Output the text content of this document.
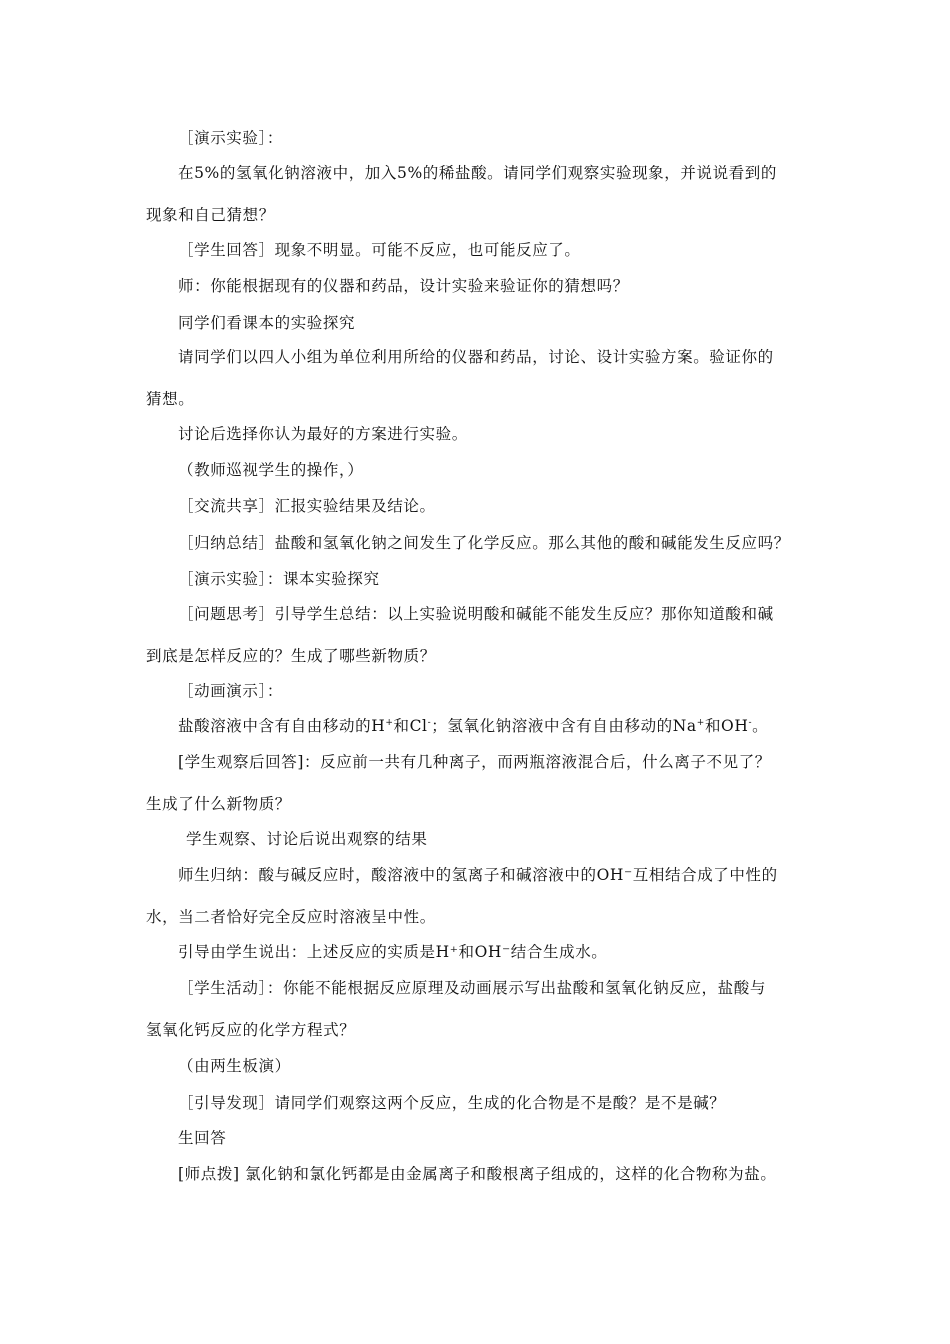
［演示实验］：
在5%的氢氧化钠溶液中，加入5%的稀盐酸。请同学们观察实验现象，并说说看到的
现象和自己猜想？
［学生回答］现象不明显。可能不反应，也可能反应了。
师：你能根据现有的仪器和药品，设计实验来验证你的猜想吗？
同学们看课本的实验探究
请同学们以四人小组为单位利用所给的仪器和药品，讨论、设计实验方案。验证你的
猜想。
讨论后选择你认为最好的方案进行实验。
（教师巡视学生的操作，）
［交流共享］汇报实验结果及结论。
［归纳总结］盐酸和氢氧化钠之间发生了化学反应。那么其他的酸和碱能发生反应吗？
［演示实验］：课本实验探究
［问题思考］引导学生总结：以上实验说明酸和碱能不能发生反应？那你知道酸和碱
到底是怎样反应的？生成了哪些新物质？
［动画演示］：
盐酸溶液中含有自由移动的H+和Cl-；氢氧化钠溶液中含有自由移动的Na+和OH-。
[学生观察后回答]：反应前一共有几种离子，而两瓶溶液混合后，什么离子不见了？
生成了什么新物质？
学生观察、讨论后说出观察的结果
师生归纳：酸与碱反应时，酸溶液中的氢离子和碱溶液中的OH⁻互相结合成了中性的
水，当二者恰好完全反应时溶液呈中性。
引导由学生说出：上述反应的实质是H⁺和OH⁻结合生成水。
［学生活动］：你能不能根据反应原理及动画展示写出盐酸和氢氧化钠反应，盐酸与
氢氧化钙反应的化学方程式？
（由两生板演）
［引导发现］请同学们观察这两个反应，生成的化合物是不是酸？是不是碱？
生回答
[师点拨] 氯化钠和氯化钙都是由金属离子和酸根离子组成的，这样的化合物称为盐。
